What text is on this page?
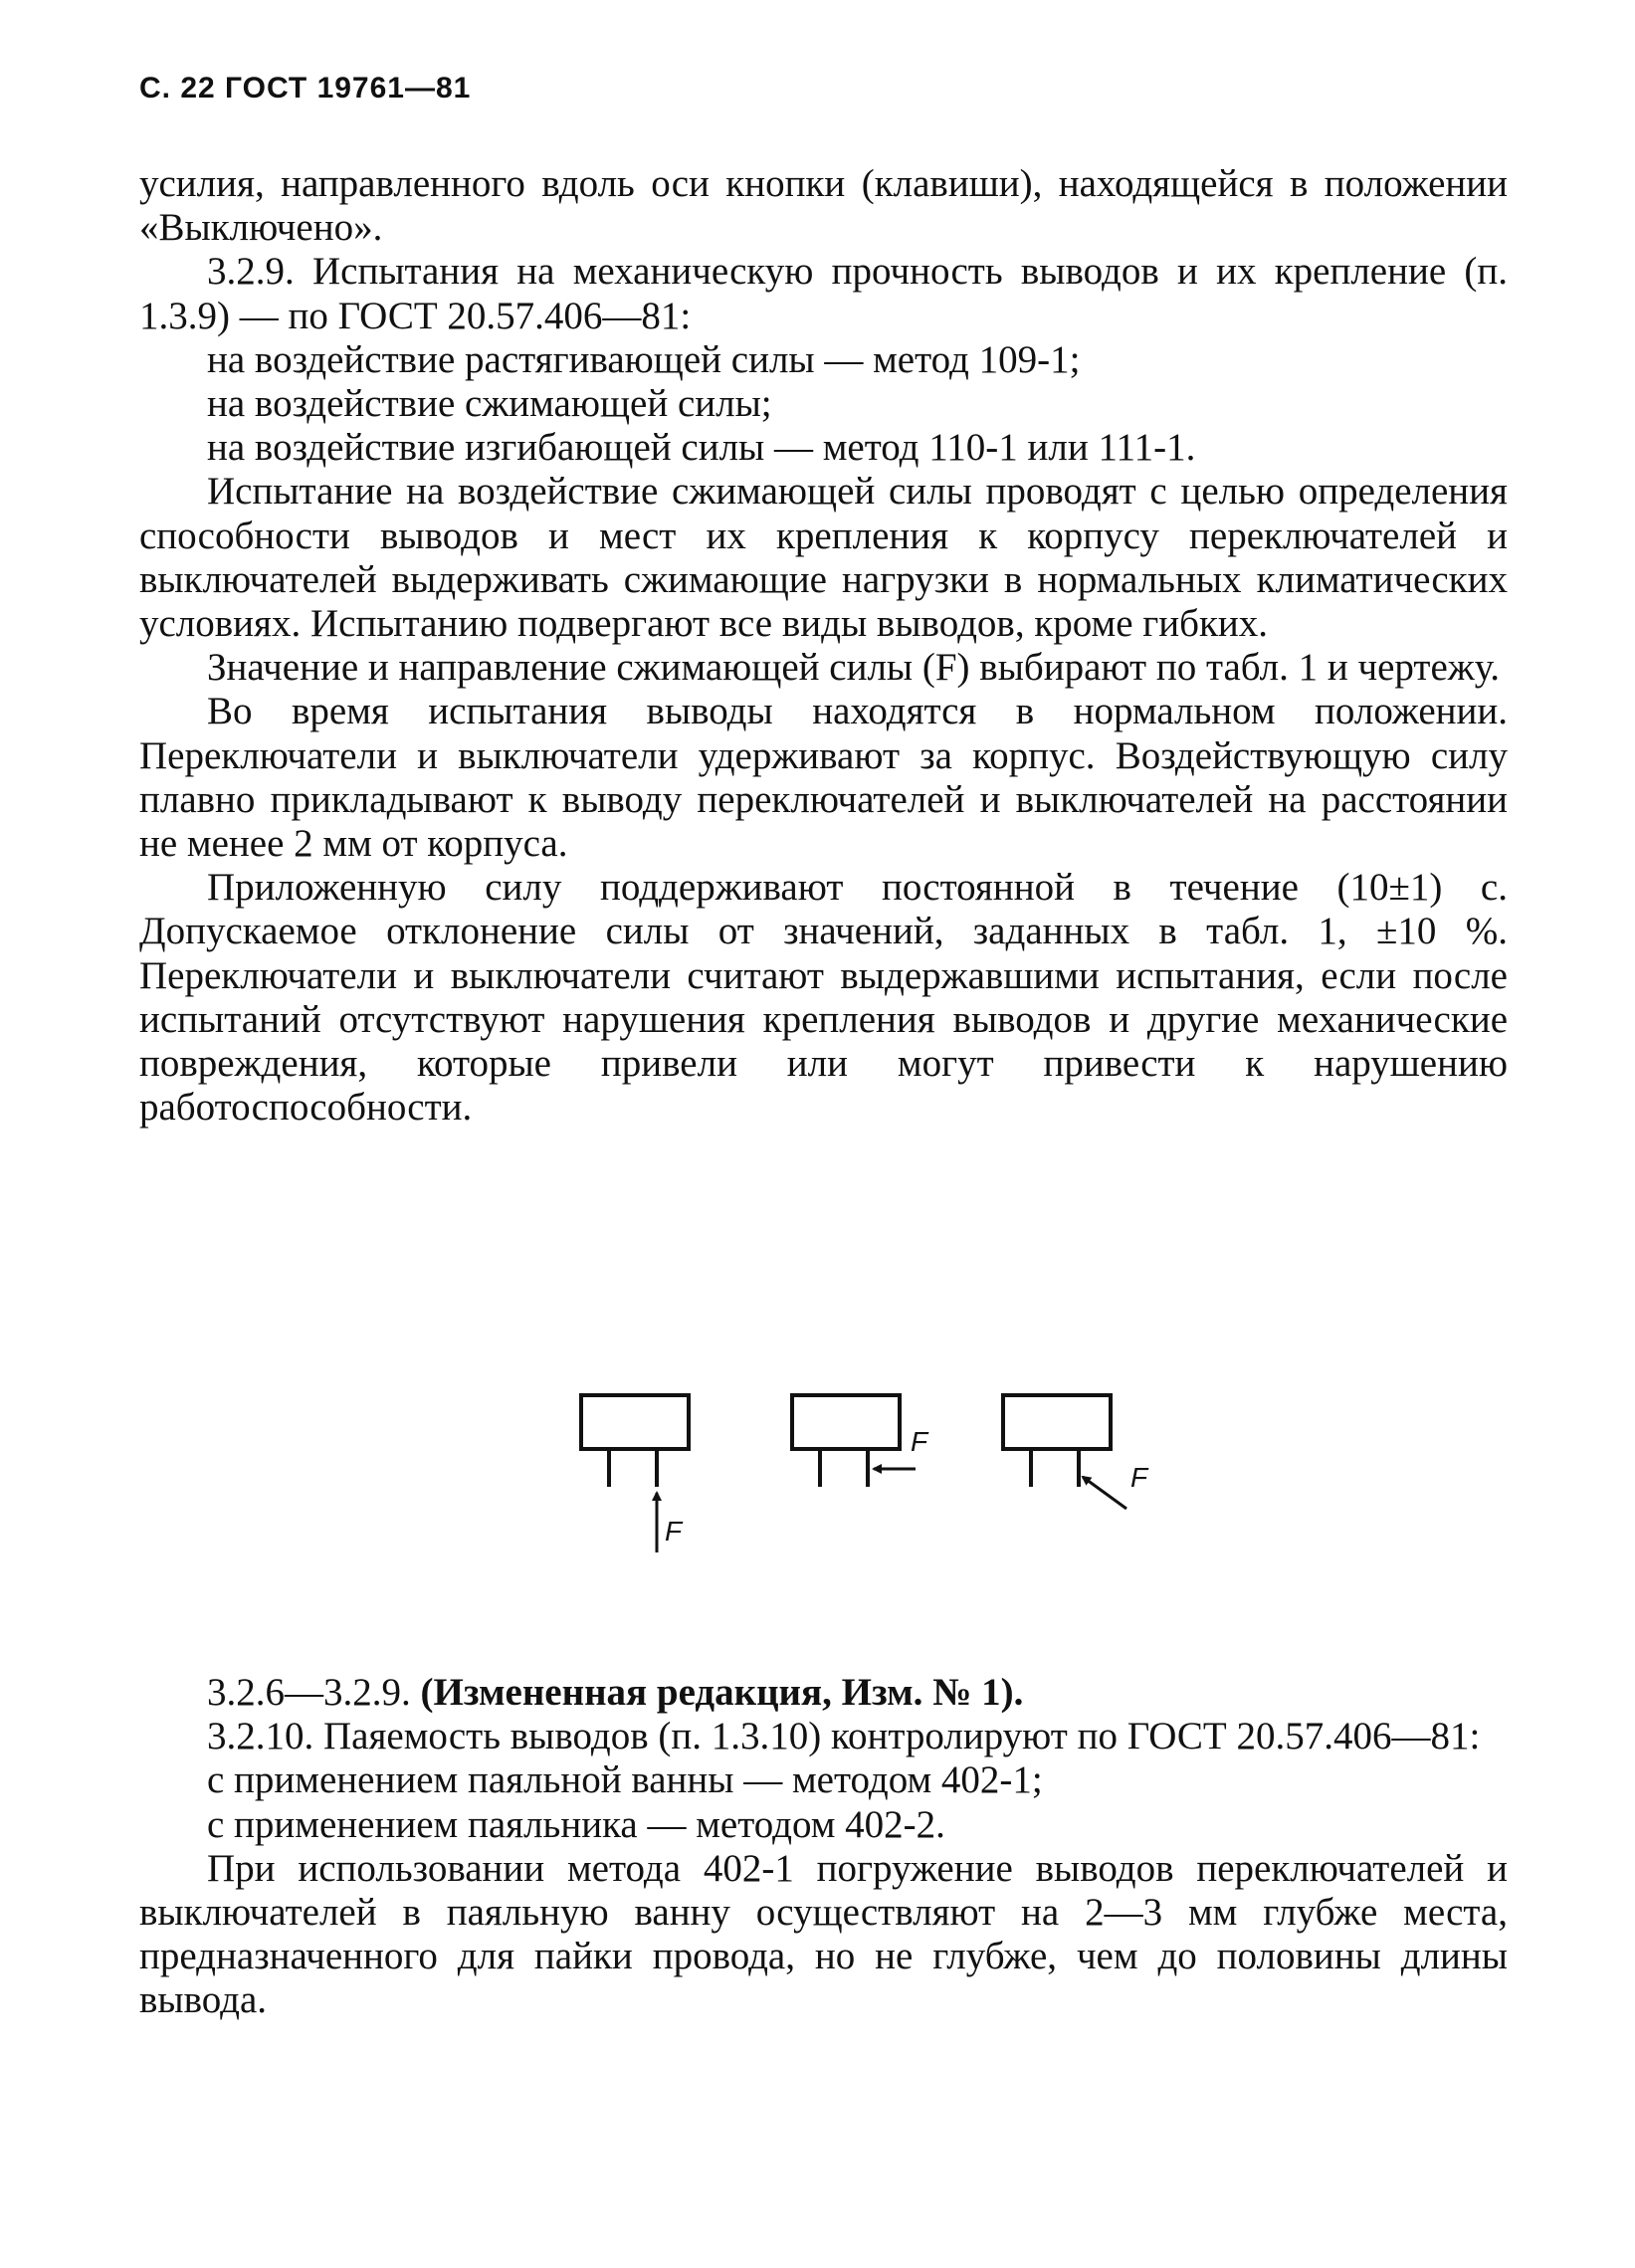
С. 22 ГОСТ 19761—81

усилия, направленного вдоль оси кнопки (клавиши), находящейся в положении «Выключено».

3.2.9. Испытания на механическую прочность выводов и их крепление (п. 1.3.9) — по ГОСТ 20.57.406—81:

на воздействие растягивающей силы — метод 109-1;

на воздействие сжимающей силы;

на воздействие изгибающей силы — метод 110-1 или 111-1.

Испытание на воздействие сжимающей силы проводят с целью определения способности выводов и мест их крепления к корпусу переключателей и выключателей выдерживать сжимающие нагрузки в нормальных климатических условиях. Испытанию подвергают все виды выводов, кроме гибких.

Значение и направление сжимающей силы (F) выбирают по табл. 1 и чертежу.

Во время испытания выводы находятся в нормальном положении. Переключатели и выключатели удерживают за корпус. Воздействующую силу плавно прикладывают к выводу переключателей и выключателей на расстоянии не менее 2 мм от корпуса.

Приложенную силу поддерживают постоянной в течение (10±1) с. Допускаемое отклонение силы от значений, заданных в табл. 1, ±10 %. Переключатели и выключатели считают выдержавшими испытания, если после испытаний отсутствуют нарушения крепления выводов и другие механические повреждения, которые привели или могут привести к нарушению работоспособности.

F
F
F

3.2.6—3.2.9. (Измененная редакция, Изм. № 1).

3.2.10. Паяемость выводов (п. 1.3.10) контролируют по ГОСТ 20.57.406—81:

с применением паяльной ванны — методом 402-1;

с применением паяльника — методом 402-2.

При использовании метода 402-1 погружение выводов переключателей и выключателей в паяльную ванну осуществляют на 2—3 мм глубже места, предназначенного для пайки провода, но не глубже, чем до половины длины вывода.
